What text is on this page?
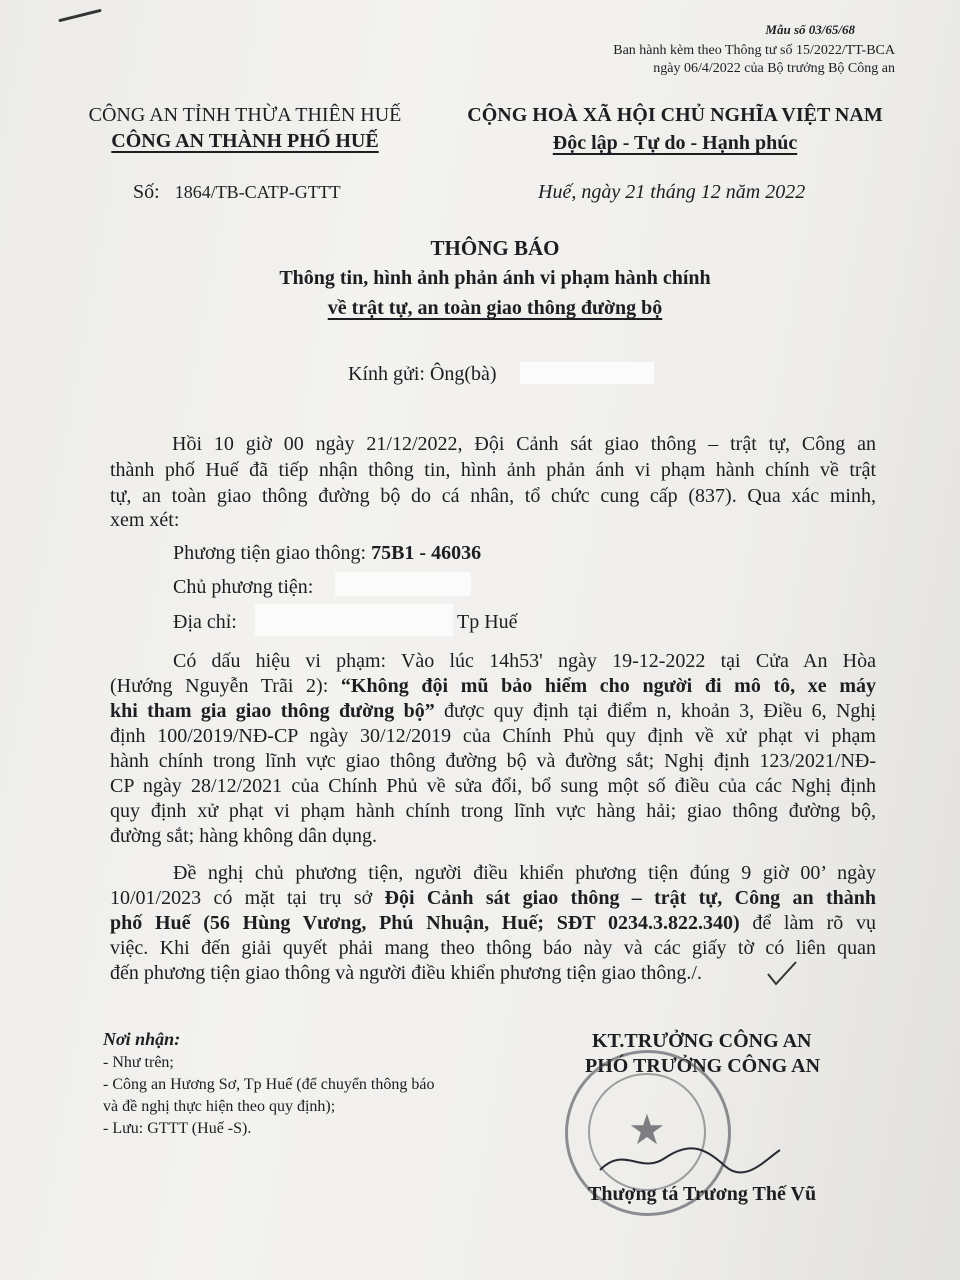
Mẫu số 03/65/68
Ban hành kèm theo Thông tư số 15/2022/TT-BCA
ngày 06/4/2022 của Bộ trưởng Bộ Công an
CÔNG AN TỈNH THỪA THIÊN HUẾ
CÔNG AN THÀNH PHỐ HUẾ
CỘNG HOÀ XÃ HỘI CHỦ NGHĨA VIỆT NAM
Độc lập - Tự do - Hạnh phúc
Số: 1864/TB-CATP-GTTT	Huế, ngày 21 tháng 12 năm 2022
THÔNG BÁO
Thông tin, hình ảnh phản ánh vi phạm hành chính
về trật tự, an toàn giao thông đường bộ
Kính gửi: Ông(bà)
Hồi 10 giờ 00 ngày 21/12/2022, Đội Cảnh sát giao thông – trật tự, Công an
thành phố Huế đã tiếp nhận thông tin, hình ảnh phản ánh vi phạm hành chính về trật
tự, an toàn giao thông đường bộ do cá nhân, tổ chức cung cấp (837). Qua xác minh,
xem xét:
Phương tiện giao thông: 75B1 - 46036
Chủ phương tiện:
Địa chỉ:	Tp Huế
Có dấu hiệu vi phạm: Vào lúc 14h53' ngày 19-12-2022 tại Cửa An Hòa
(Hướng Nguyễn Trãi 2): “Không đội mũ bảo hiểm cho người đi mô tô, xe máy
khi tham gia giao thông đường bộ” được quy định tại điểm n, khoản 3, Điều 6, Nghị
định 100/2019/NĐ-CP ngày 30/12/2019 của Chính Phủ quy định về xử phạt vi phạm
hành chính trong lĩnh vực giao thông đường bộ và đường sắt; Nghị định 123/2021/NĐ-
CP ngày 28/12/2021 của Chính Phủ về sửa đổi, bổ sung một số điều của các Nghị định
quy định xử phạt vi phạm hành chính trong lĩnh vực hàng hải; giao thông đường bộ,
đường sắt; hàng không dân dụng.
Đề nghị chủ phương tiện, người điều khiển phương tiện đúng 9 giờ 00’ ngày
10/01/2023 có mặt tại trụ sở Đội Cảnh sát giao thông – trật tự, Công an thành
phố Huế (56 Hùng Vương, Phú Nhuận, Huế; SĐT 0234.3.822.340) để làm rõ vụ
việc. Khi đến giải quyết phải mang theo thông báo này và các giấy tờ có liên quan
đến phương tiện giao thông và người điều khiển phương tiện giao thông./.
Nơi nhận:
- Như trên;
- Công an Hương Sơ, Tp Huế (để chuyển thông báo
và đề nghị thực hiện theo quy định);
- Lưu: GTTT (Huế -S).
KT.TRƯỞNG CÔNG AN
PHÓ TRƯỞNG CÔNG AN
★
Thượng tá Trương Thế Vũ
